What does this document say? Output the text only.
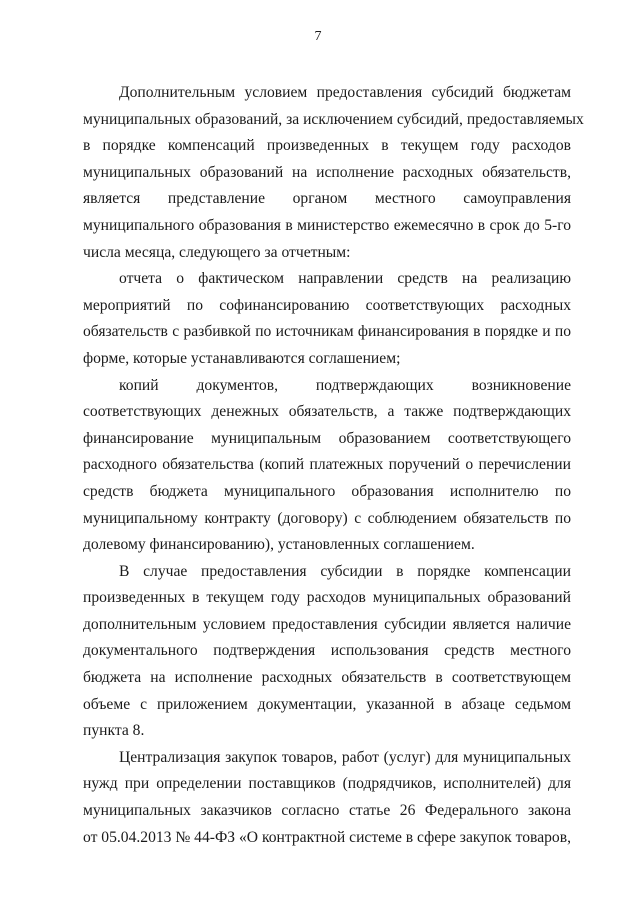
7
Дополнительным условием предоставления субсидий бюджетам
муниципальных образований, за исключением субсидий, предоставляемых
в порядке компенсаций произведенных в текущем году расходов
муниципальных образований на исполнение расходных обязательств,
является представление органом местного самоуправления
муниципального образования в министерство ежемесячно в срок до 5-го
числа месяца, следующего за отчетным:
отчета о фактическом направлении средств на реализацию
мероприятий по софинансированию соответствующих расходных
обязательств с разбивкой по источникам финансирования в порядке и по
форме, которые устанавливаются соглашением;
копий документов, подтверждающих возникновение
соответствующих денежных обязательств, а также подтверждающих
финансирование муниципальным образованием соответствующего
расходного обязательства (копий платежных поручений о перечислении
средств бюджета муниципального образования исполнителю по
муниципальному контракту (договору) с соблюдением обязательств по
долевому финансированию), установленных соглашением.
В случае предоставления субсидии в порядке компенсации
произведенных в текущем году расходов муниципальных образований
дополнительным условием предоставления субсидии является наличие
документального подтверждения использования средств местного
бюджета на исполнение расходных обязательств в соответствующем
объеме с приложением документации, указанной в абзаце седьмом
пункта 8.
Централизация закупок товаров, работ (услуг) для муниципальных
нужд при определении поставщиков (подрядчиков, исполнителей) для
муниципальных заказчиков согласно статье 26 Федерального закона
от 05.04.2013 № 44-ФЗ «О контрактной системе в сфере закупок товаров,
